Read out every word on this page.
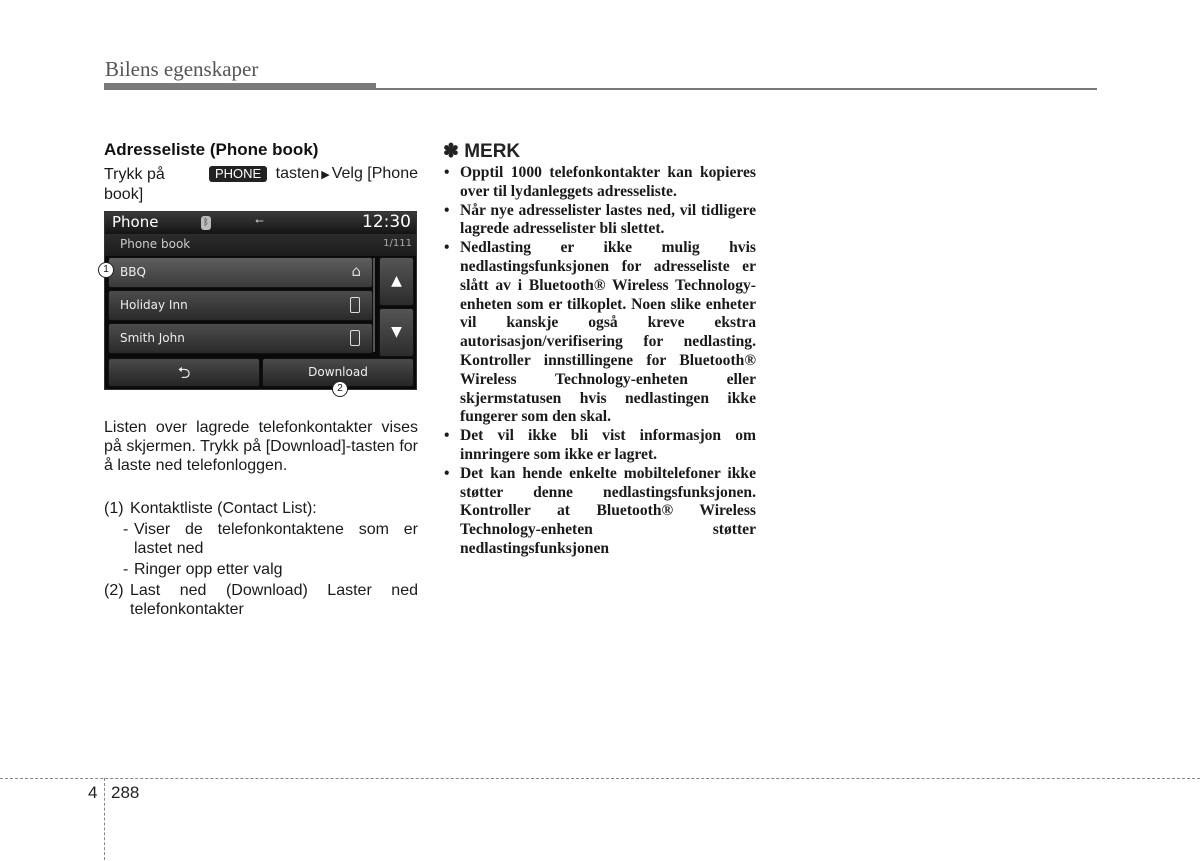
Bilens egenskaper
Adresseliste (Phone book)
Trykk på	PHONE tasten ▶ Velg [Phone
book]
Phone	ᛒ	⭠	12:30
Phone book	1/111
BBQ	⌂
Holiday Inn
Smith John
▲
▼
⮌	Download
1
2
Listen over lagrede telefonkontakter vises på skjermen. Trykk på [Download]-tasten for å laste ned telefonloggen.
(1) Kontaktliste (Contact List):
- Viser de telefonkontaktene som er lastet ned
- Ringer opp etter valg
(2) Last ned (Download) Laster ned telefonkontakter
✽ MERK
• Opptil 1000 telefonkontakter kan kopieres over til lydanleggets adresseliste.
• Når nye adresselister lastes ned, vil tidligere lagrede adresselister bli slettet.
• Nedlasting er ikke mulig hvis nedlastingsfunksjonen for adresseliste er slått av i Bluetooth® Wireless Technology-enheten som er tilkoplet. Noen slike enheter vil kanskje også kreve ekstra autorisasjon/verifisering for nedlasting. Kontroller innstillingene for Bluetooth® Wireless Technology-enheten eller skjermstatusen hvis nedlastingen ikke fungerer som den skal.
• Det vil ikke bli vist informasjon om innringere som ikke er lagret.
• Det kan hende enkelte mobiltelefoner ikke støtter denne nedlastingsfunksjonen. Kontroller at Bluetooth® Wireless Technology-enheten støtter nedlastingsfunksjonen
4 288
